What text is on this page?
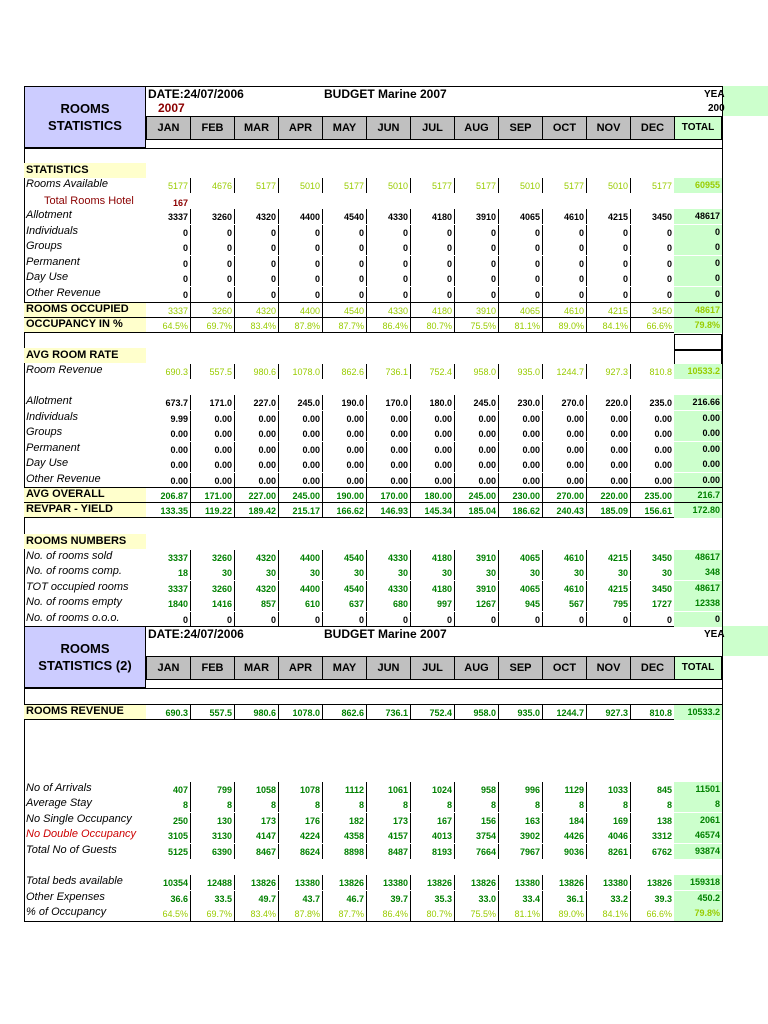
ROOMS
STATISTICS
DATE:24/07/2006	BUDGET Marine 2007
2007
YEA
200
JAN	FEB	MAR	APR	MAY	JUN	JUL	AUG	SEP	OCT	NOV	DEC	TOTAL
ROOMS
STATISTICS (2)
DATE:24/07/2006	BUDGET Marine 2007	YEA
JAN	FEB	MAR	APR	MAY	JUN	JUL	AUG	SEP	OCT	NOV	DEC	TOTAL
STATISTICS
AVG ROOM RATE
ROOMS NUMBERS
Total Rooms Hotel	167
Rooms Available	5177	4676	5177	5010	5177	5010	5177	5177	5010	5177	5010	5177	60955
Allotment	3337	3260	4320	4400	4540	4330	4180	3910	4065	4610	4215	3450	48617
Individuals	0	0	0	0	0	0	0	0	0	0	0	0	0
Groups	0	0	0	0	0	0	0	0	0	0	0	0	0
Permanent	0	0	0	0	0	0	0	0	0	0	0	0	0
Day Use	0	0	0	0	0	0	0	0	0	0	0	0	0
Other Revenue	0	0	0	0	0	0	0	0	0	0	0	0	0
ROOMS OCCUPIED	3337	3260	4320	4400	4540	4330	4180	3910	4065	4610	4215	3450	48617
OCCUPANCY IN %	64.5%	69.7%	83.4%	87.8%	87.7%	86.4%	80.7%	75.5%	81.1%	89.0%	84.1%	66.6%	79.8%
Room Revenue	690.3	557.5	980.6	1078.0	862.6	736.1	752.4	958.0	935.0	1244.7	927.3	810.8	10533.2
Allotment	673.7	171.0	227.0	245.0	190.0	170.0	180.0	245.0	230.0	270.0	220.0	235.0	216.66
Individuals	9.99	0.00	0.00	0.00	0.00	0.00	0.00	0.00	0.00	0.00	0.00	0.00	0.00
Groups	0.00	0.00	0.00	0.00	0.00	0.00	0.00	0.00	0.00	0.00	0.00	0.00	0.00
Permanent	0.00	0.00	0.00	0.00	0.00	0.00	0.00	0.00	0.00	0.00	0.00	0.00	0.00
Day Use	0.00	0.00	0.00	0.00	0.00	0.00	0.00	0.00	0.00	0.00	0.00	0.00	0.00
Other Revenue	0.00	0.00	0.00	0.00	0.00	0.00	0.00	0.00	0.00	0.00	0.00	0.00	0.00
AVG OVERALL	206.87	171.00	227.00	245.00	190.00	170.00	180.00	245.00	230.00	270.00	220.00	235.00	216.7
REVPAR - YIELD	133.35	119.22	189.42	215.17	166.62	146.93	145.34	185.04	186.62	240.43	185.09	156.61	172.80
No. of rooms sold	3337	3260	4320	4400	4540	4330	4180	3910	4065	4610	4215	3450	48617
No. of rooms comp.	18	30	30	30	30	30	30	30	30	30	30	30	348
TOT occupied rooms	3337	3260	4320	4400	4540	4330	4180	3910	4065	4610	4215	3450	48617
No. of rooms empty	1840	1416	857	610	637	680	997	1267	945	567	795	1727	12338
No. of rooms o.o.o.	0	0	0	0	0	0	0	0	0	0	0	0	0
ROOMS REVENUE	690.3	557.5	980.6	1078.0	862.6	736.1	752.4	958.0	935.0	1244.7	927.3	810.8	10533.2
No of Arrivals	407	799	1058	1078	1112	1061	1024	958	996	1129	1033	845	11501
Average Stay	8	8	8	8	8	8	8	8	8	8	8	8	8
No Single Occupancy	250	130	173	176	182	173	167	156	163	184	169	138	2061
No Double Occupancy	3105	3130	4147	4224	4358	4157	4013	3754	3902	4426	4046	3312	46574
Total No of Guests	5125	6390	8467	8624	8898	8487	8193	7664	7967	9036	8261	6762	93874
Total beds available	10354	12488	13826	13380	13826	13380	13826	13826	13380	13826	13380	13826	159318
Other Expenses	36.6	33.5	49.7	43.7	46.7	39.7	35.3	33.0	33.4	36.1	33.2	39.3	450.2
% of Occupancy	64.5%	69.7%	83.4%	87.8%	87.7%	86.4%	80.7%	75.5%	81.1%	89.0%	84.1%	66.6%	79.8%
